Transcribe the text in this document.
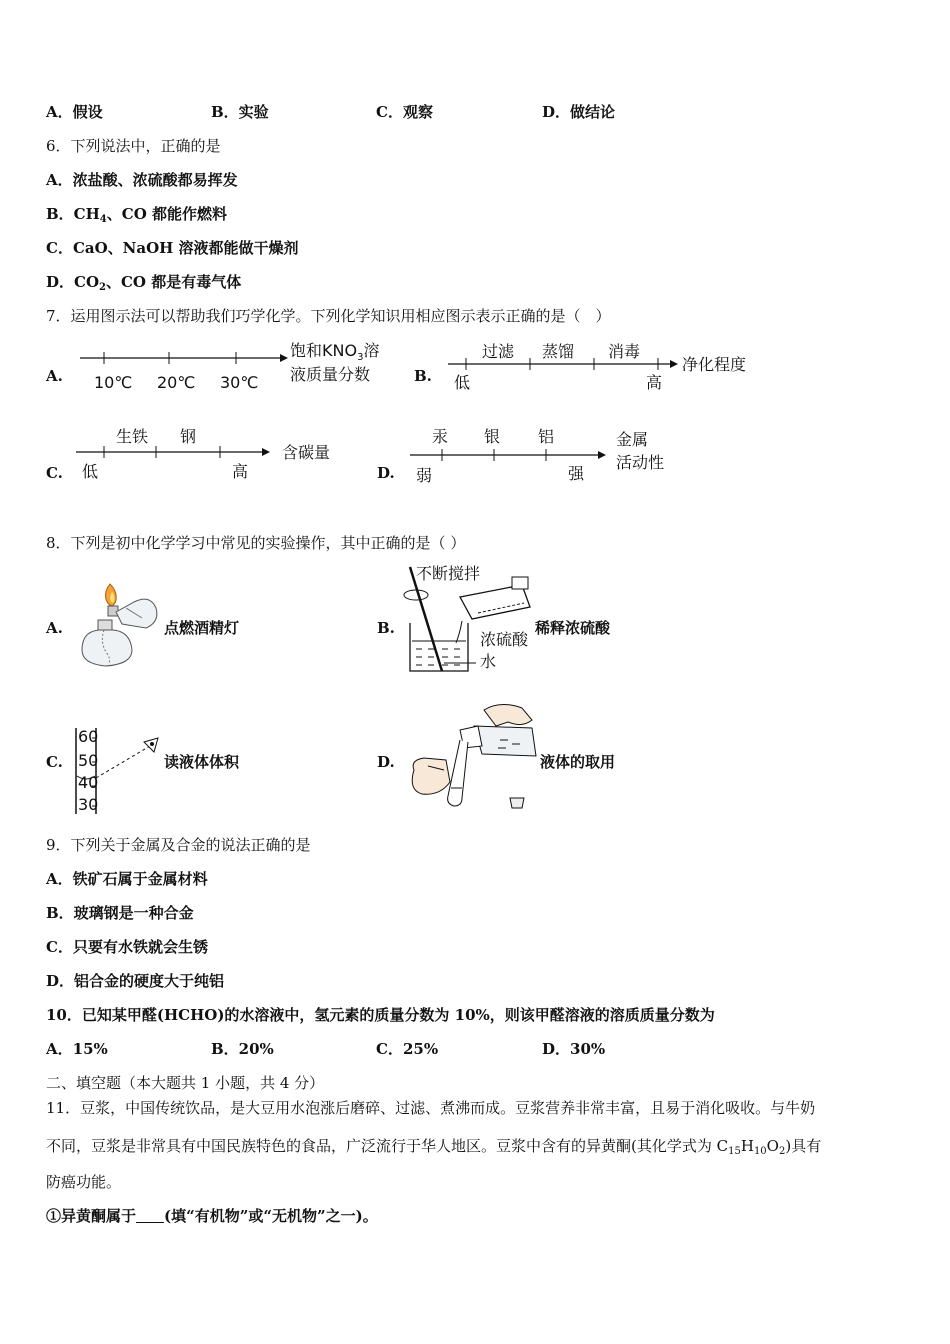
A．假设	B．实验	C．观察	D．做结论
6．下列说法中，正确的是
A．浓盐酸、浓硫酸都易挥发
B．$CH_4$、CO 都能作燃料
C．CaO、NaOH 溶液都能做干燥剂
D．$CO_2$、CO 都是有毒气体
7．运用图示法可以帮助我们巧学化学。下列化学知识用相应图示表示正确的是（　）
A. 10℃ 20℃ 30℃
饱和$KNO_3$溶
液质量分数	B.
过滤 蒸馏 消毒
低	高
净化程度
C.
生铁 钢
低	高
含碳量
D.
汞 银 铝
弱	强
金属
活动性
8．下列是初中化学学习中常见的实验操作，其中正确的是（ ）
A.	点燃酒精灯	B.
不断搅拌
浓硫酸
水
稀释浓硫酸
C.
60
50
40
30
读液体体积	D.	液体的取用
9．下列关于金属及合金的说法正确的是
A．铁矿石属于金属材料
B．玻璃钢是一种合金
C．只要有水铁就会生锈
D．铝合金的硬度大于纯铝
10．已知某甲醛(HCHO)的水溶液中，氢元素的质量分数为 10%，则该甲醛溶液的溶质质量分数为
A．15%	B．20%	C．25%	D．30%
二、填空题（本大题共 1 小题，共 4 分）
11．豆浆，中国传统饮品，是大豆用水泡涨后磨碎、过滤、煮沸而成。豆浆营养非常丰富，且易于消化吸收。与牛奶
不同，豆浆是非常具有中国民族特色的食品，广泛流行于华人地区。豆浆中含有的异黄酮(其化学式为 $C_{15}H_{10}O_2$)具有
防癌功能。
①异黄酮属于 (填“有机物”或“无机物”之一)。
